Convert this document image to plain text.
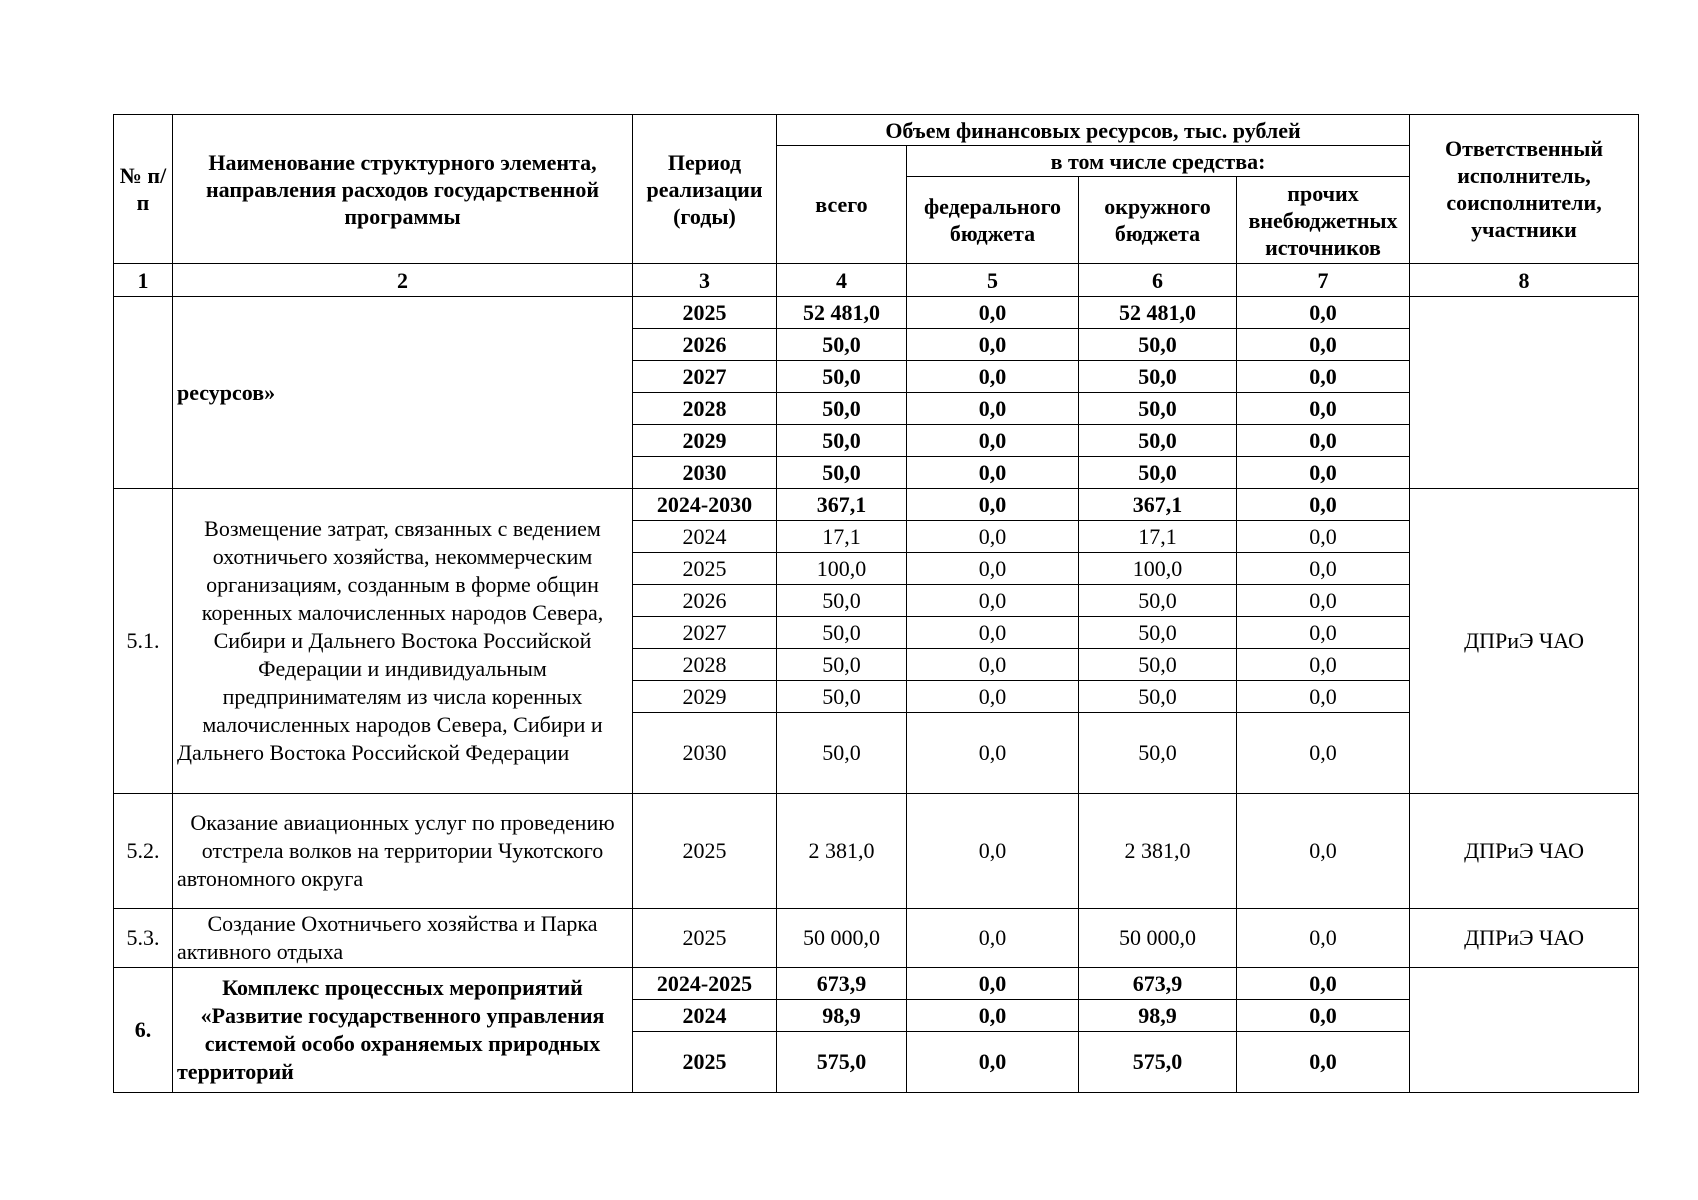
№ п/п	Наименование структурного элемента, направления расходов государственной программы	Период реализации (годы)	Объем финансовых ресурсов, тыс. рублей				Ответственный исполнитель, соисполнители, участники
			всего	в том числе средства:			
				федерального бюджета	окружного бюджета	прочих внебюджетных источников	
1	2	3	4	5	6	7	8
	ресурсов»	2025	52 481,0	0,0	52 481,0	0,0	
		2026	50,0	0,0	50,0	0,0	
		2027	50,0	0,0	50,0	0,0	
		2028	50,0	0,0	50,0	0,0	
		2029	50,0	0,0	50,0	0,0	
		2030	50,0	0,0	50,0	0,0	
5.1.	Возмещение затрат, связанных с ведением охотничьего хозяйства, некоммерческим организациям, созданным в форме общин коренных малочисленных народов Севера, Сибири и Дальнего Востока Российской Федерации и индивидуальным предпринимателям из числа коренных малочисленных народов Севера, Сибири и Дальнего Востока Российской Федерации	2024-2030	367,1	0,0	367,1	0,0	ДПРиЭ ЧАО
		2024	17,1	0,0	17,1	0,0	
		2025	100,0	0,0	100,0	0,0	
		2026	50,0	0,0	50,0	0,0	
		2027	50,0	0,0	50,0	0,0	
		2028	50,0	0,0	50,0	0,0	
		2029	50,0	0,0	50,0	0,0	
		2030	50,0	0,0	50,0	0,0	
5.2.	Оказание авиационных услуг по проведению отстрела волков на территории Чукотского автономного округа	2025	2 381,0	0,0	2 381,0	0,0	ДПРиЭ ЧАО
5.3.	Создание Охотничьего хозяйства и Парка активного отдыха	2025	50 000,0	0,0	50 000,0	0,0	ДПРиЭ ЧАО
6.	Комплекс процессных мероприятий «Развитие государственного управления системой особо охраняемых природных территорий	2024-2025	673,9	0,0	673,9	0,0	
		2024	98,9	0,0	98,9	0,0	
		2025	575,0	0,0	575,0	0,0	
